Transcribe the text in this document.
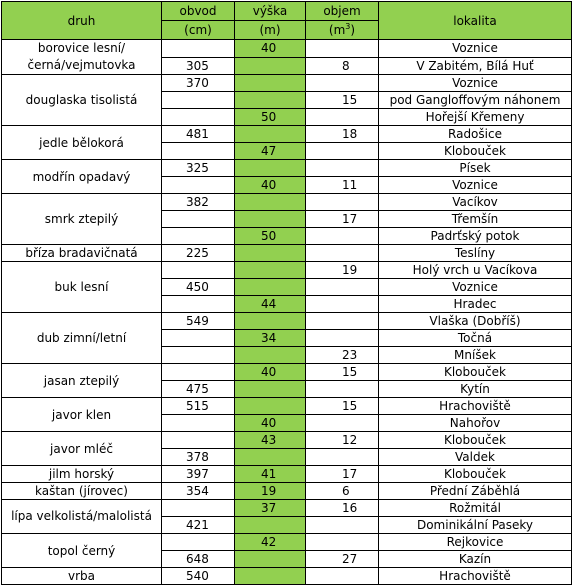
druh	obvod	výška	objem	lokalita
	(cm)	(m)	$(m^3)$	
borovice lesní/černá/vejmutovka		40		Voznice
	305		8	V Zabitém, Bílá Huť
douglaska tisolistá	370			Voznice
			15	pod Gangloffovým náhonem
		50		Hořejší Křemeny
jedle bělokorá	481		18	Radošice
		47		Klobouček
modřín opadavý	325			Písek
		40	11	Voznice
smrk ztepilý	382			Vacíkov
			17	Třemšín
		50		Padrťský potok
bříza bradavičnatá	225			Teslíny
buk lesní			19	Holý vrch u Vacíkova
	450			Voznice
		44		Hradec
dub zimní/letní	549			Vlaška (Dobříš)
		34		Točná
			23	Mníšek
jasan ztepilý		40	15	Klobouček
	475			Kytín
javor klen	515		15	Hrachoviště
		40		Nahořov
javor mléč		43	12	Klobouček
	378			Valdek
jilm horský	397	41	17	Klobouček
kaštan (jírovec)	354	19	6	Přední Záběhlá
lípa velkolistá/malolistá		37	16	Rožmitál
	421			Dominikální Paseky
topol černý		42		Rejkovice
	648		27	Kazín
vrba	540			Hrachoviště
